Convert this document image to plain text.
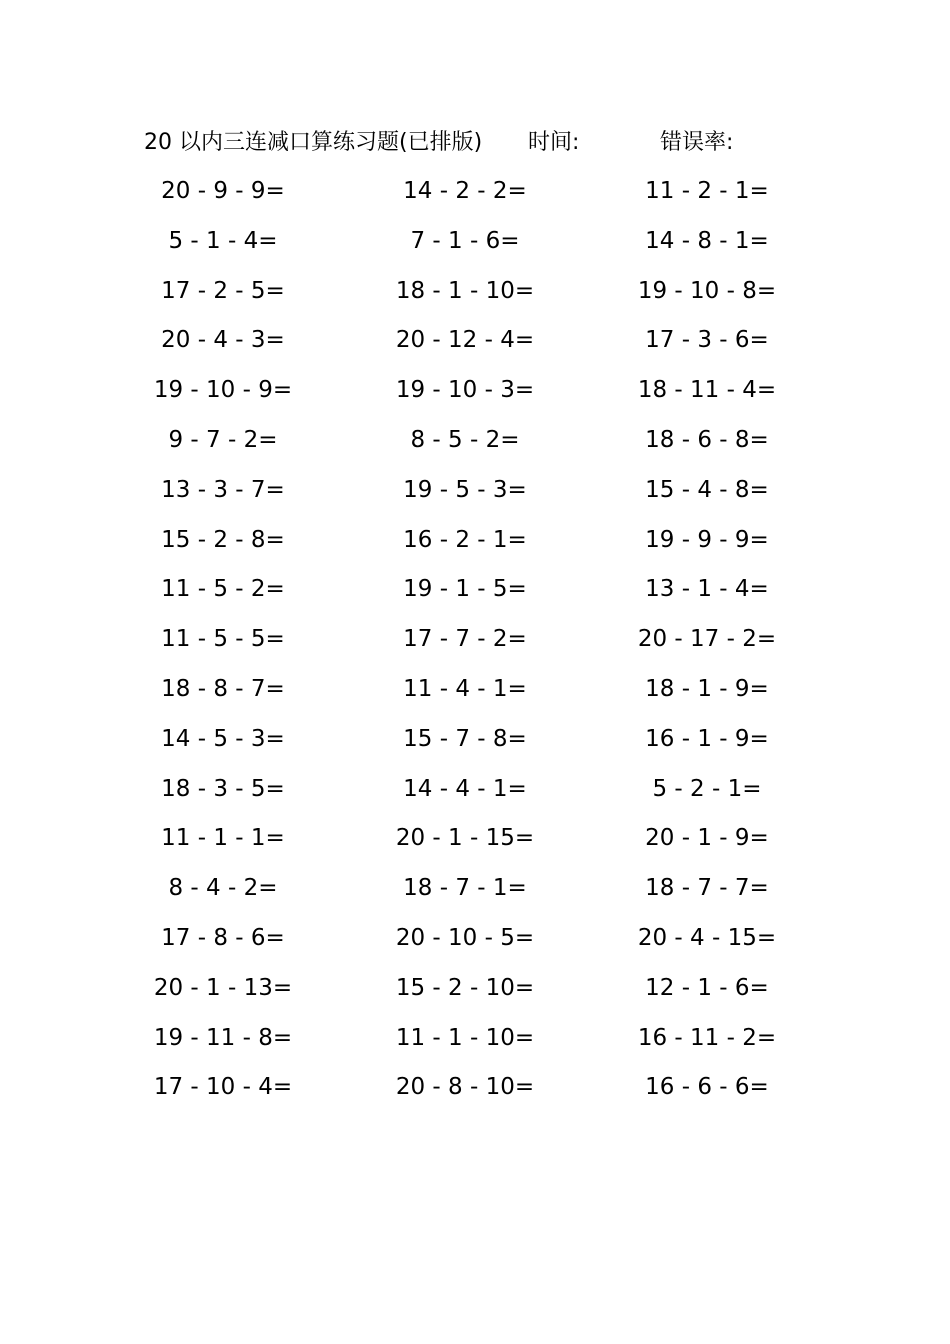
20 以内三连减口算练习题(已排版) 时间:	错误率:
20 - 9 - 9=	14 - 2 - 2=	11 - 2 - 1=
5 - 1 - 4=	7 - 1 - 6=	14 - 8 - 1=
17 - 2 - 5=	18 - 1 - 10=	19 - 10 - 8=
20 - 4 - 3=	20 - 12 - 4=	17 - 3 - 6=
19 - 10 - 9=	19 - 10 - 3=	18 - 11 - 4=
9 - 7 - 2=	8 - 5 - 2=	18 - 6 - 8=
13 - 3 - 7=	19 - 5 - 3=	15 - 4 - 8=
15 - 2 - 8=	16 - 2 - 1=	19 - 9 - 9=
11 - 5 - 2=	19 - 1 - 5=	13 - 1 - 4=
11 - 5 - 5=	17 - 7 - 2=	20 - 17 - 2=
18 - 8 - 7=	11 - 4 - 1=	18 - 1 - 9=
14 - 5 - 3=	15 - 7 - 8=	16 - 1 - 9=
18 - 3 - 5=	14 - 4 - 1=	5 - 2 - 1=
11 - 1 - 1=	20 - 1 - 15=	20 - 1 - 9=
8 - 4 - 2=	18 - 7 - 1=	18 - 7 - 7=
17 - 8 - 6=	20 - 10 - 5=	20 - 4 - 15=
20 - 1 - 13=	15 - 2 - 10=	12 - 1 - 6=
19 - 11 - 8=	11 - 1 - 10=	16 - 11 - 2=
17 - 10 - 4=	20 - 8 - 10=	16 - 6 - 6=
